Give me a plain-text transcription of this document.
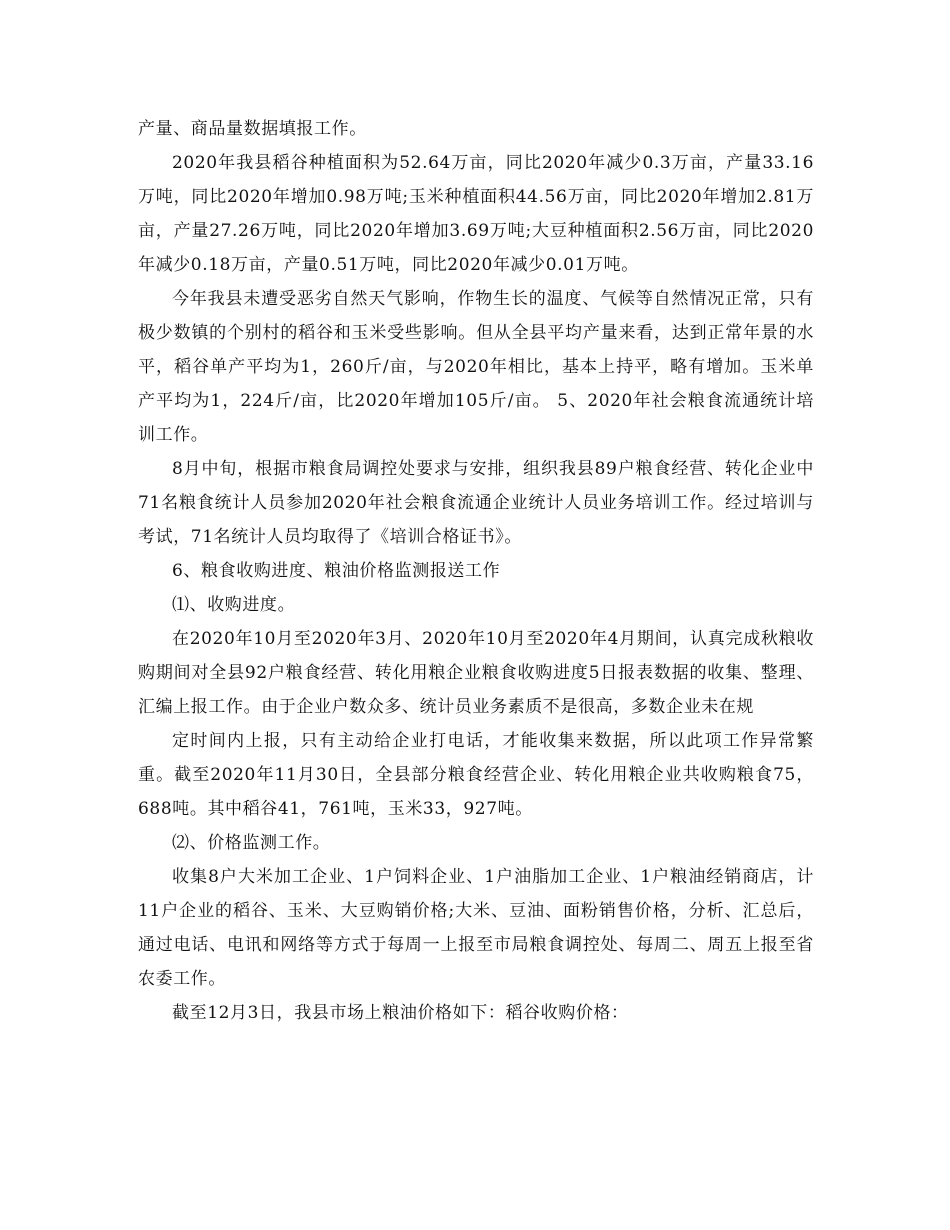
产量、商品量数据填报工作。

2020年我县稻谷种植面积为52.64万亩，同比2020年减少0.3万亩，产量33.16万吨，同比2020年增加0.98万吨;玉米种植面积44.56万亩，同比2020年增加2.81万亩，产量27.26万吨，同比2020年增加3.69万吨;大豆种植面积2.56万亩，同比2020年减少0.18万亩，产量0.51万吨，同比2020年减少0.01万吨。

今年我县未遭受恶劣自然天气影响，作物生长的温度、气候等自然情况正常，只有极少数镇的个别村的稻谷和玉米受些影响。但从全县平均产量来看，达到正常年景的水平，稻谷单产平均为1，260斤/亩，与2020年相比，基本上持平，略有增加。玉米单产平均为1，224斤/亩，比2020年增加105斤/亩。 5、2020年社会粮食流通统计培训工作。

8月中旬，根据市粮食局调控处要求与安排，组织我县89户粮食经营、转化企业中71名粮食统计人员参加2020年社会粮食流通企业统计人员业务培训工作。经过培训与考试，71名统计人员均取得了《培训合格证书》。

6、粮食收购进度、粮油价格监测报送工作

⑴、收购进度。

在2020年10月至2020年3月、2020年10月至2020年4月期间，认真完成秋粮收购期间对全县92户粮食经营、转化用粮企业粮食收购进度5日报表数据的收集、整理、汇编上报工作。由于企业户数众多、统计员业务素质不是很高，多数企业未在规

定时间内上报，只有主动给企业打电话，才能收集来数据，所以此项工作异常繁重。截至2020年11月30日，全县部分粮食经营企业、转化用粮企业共收购粮食75，688吨。其中稻谷41，761吨，玉米33，927吨。

⑵、价格监测工作。

收集8户大米加工企业、1户饲料企业、1户油脂加工企业、1户粮油经销商店，计11户企业的稻谷、玉米、大豆购销价格;大米、豆油、面粉销售价格，分析、汇总后，通过电话、电讯和网络等方式于每周一上报至市局粮食调控处、每周二、周五上报至省农委工作。

截至12月3日，我县市场上粮油价格如下：稻谷收购价格：
